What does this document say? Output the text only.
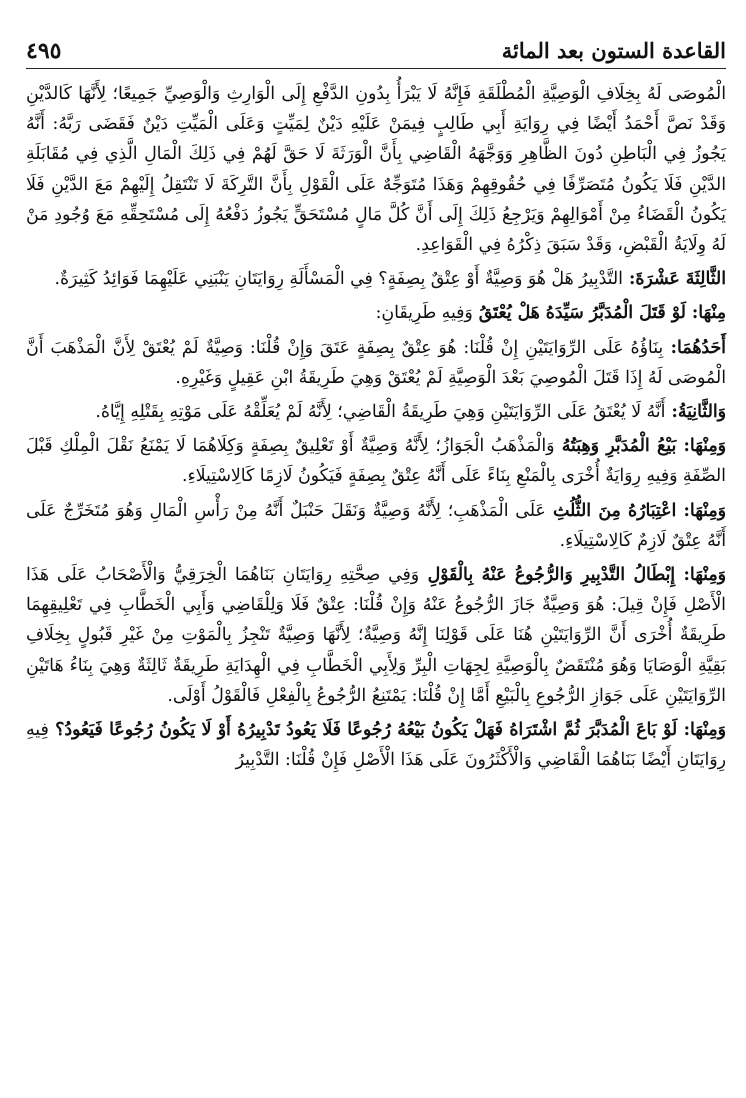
القاعدة الستون بعد المائة
٤٩٥

الْمُوصَى لَهُ بِخِلَافِ الْوَصِيَّةِ الْمُطْلَقَةِ فَإِنَّهُ لَا يَبْرَأُ بِدُونِ الدَّفْعِ إِلَى الْوَارِثِ وَالْوَصِيِّ جَمِيعًا؛ لِأَنَّهَا كَالدَّيْنِ وَقَدْ نَصَّ أَحْمَدُ أَيْضًا فِي رِوَايَةِ أَبِي طَالِبٍ فِيمَنْ عَلَيْهِ دَيْنٌ لِمَيِّتٍ وَعَلَى الْمَيِّتِ دَيْنٌ فَقَضَى رَبَّهُ: أَنَّهُ يَجُوزُ فِي الْبَاطِنِ دُونَ الظَّاهِرِ وَوَجَّهَهُ الْقَاضِي بِأَنَّ الْوَرَثَةَ لَا حَقَّ لَهُمْ فِي ذَلِكَ الْمَالِ الَّذِي فِي مُقَابَلَةِ الدَّيْنِ فَلَا يَكُونُ مُتَصَرِّفًا فِي حُقُوقِهِمْ وَهَذَا مُتَوَجِّهٌ عَلَى الْقَوْلِ بِأَنَّ التَّرِكَةَ لَا تَنْتَقِلُ إِلَيْهِمْ مَعَ الدَّيْنِ فَلَا يَكُونُ الْقَضَاءُ مِنْ أَمْوَالِهِمْ وَيَرْجِعُ ذَلِكَ إِلَى أَنَّ كُلَّ مَالٍ مُسْتَحَقٍّ يَجُوزُ دَفْعُهُ إِلَى مُسْتَحِقِّهِ مَعَ وُجُودِ مَنْ لَهُ وِلَايَةُ الْقَبْضِ، وَقَدْ سَبَقَ ذِكْرُهُ فِي الْقَوَاعِدِ.

الثَّالِثَةَ عَشْرَةَ: التَّدْبِيرُ هَلْ هُوَ وَصِيَّةٌ أَوْ عِتْقٌ بِصِفَةٍ؟ فِي الْمَسْأَلَةِ رِوَايَتَانِ يَنْبَنِي عَلَيْهِمَا فَوَائِدُ كَثِيرَةٌ.

مِنْهَا: لَوْ قَتَلَ الْمُدَبَّرُ سَيِّدَهُ هَلْ يُعْتَقُ وَفِيهِ طَرِيقَانِ:

أَحَدُهُمَا: بِنَاؤُهُ عَلَى الرِّوَايَتَيْنِ إِنْ قُلْنَا: هُوَ عِتْقٌ بِصِفَةٍ عَتَقَ وَإِنْ قُلْنَا: وَصِيَّةٌ لَمْ يُعْتَقْ لِأَنَّ الْمَذْهَبَ أَنَّ الْمُوصَى لَهُ إِذَا قَتَلَ الْمُوصِيَ بَعْدَ الْوَصِيَّةِ لَمْ يُعْتَقْ وَهِيَ طَرِيقَةُ ابْنِ عَقِيلٍ وَغَيْرِهِ.

وَالثَّانِيَةُ: أَنَّهُ لَا يُعْتَقُ عَلَى الرِّوَايَتَيْنِ وَهِيَ طَرِيقَةُ الْقَاضِي؛ لِأَنَّهُ لَمْ يُعَلِّقْهُ عَلَى مَوْتِهِ بِقَتْلِهِ إِيَّاهُ.

وَمِنْهَا: بَيْعُ الْمُدَبَّرِ وَهِبَتُهُ وَالْمَذْهَبُ الْجَوَازُ؛ لِأَنَّهُ وَصِيَّةٌ أَوْ تَعْلِيقٌ بِصِفَةٍ وَكِلَاهُمَا لَا يَمْنَعُ نَقْلَ الْمِلْكِ قَبْلَ الصِّفَةِ وَفِيهِ رِوَايَةٌ أُخْرَى بِالْمَنْعِ بِنَاءً عَلَى أَنَّهُ عِتْقٌ بِصِفَةٍ فَيَكُونُ لَازِمًا كَالِاسْتِيلَاءِ.

وَمِنْهَا: اعْتِبَارُهُ مِنَ الثُّلُثِ عَلَى الْمَذْهَبِ؛ لِأَنَّهُ وَصِيَّةٌ وَنَقَلَ حَنْبَلٌ أَنَّهُ مِنْ رَأْسِ الْمَالِ وَهُوَ مُتَخَرِّجٌ عَلَى أَنَّهُ عِتْقٌ لَازِمٌ كَالِاسْتِيلَاءِ.

وَمِنْهَا: إِبْطَالُ التَّدْبِيرِ وَالرُّجُوعُ عَنْهُ بِالْقَوْلِ وَفِي صِحَّتِهِ رِوَايَتَانِ بَنَاهُمَا الْخِرَقِيُّ وَالْأَصْحَابُ عَلَى هَذَا الْأَصْلِ فَإِنْ قِيلَ: هُوَ وَصِيَّةٌ جَازَ الرُّجُوعُ عَنْهُ وَإِنْ قُلْنَا: عِتْقٌ فَلَا وَلِلْقَاضِي وَأَبِي الْخَطَّابِ فِي تَعْلِيقِهِمَا طَرِيقَةٌ أُخْرَى أَنَّ الرِّوَايَتَيْنِ هُنَا عَلَى قَوْلِنَا إِنَّهُ وَصِيَّةٌ؛ لِأَنَّهَا وَصِيَّةٌ تَنْجِزُ بِالْمَوْتِ مِنْ غَيْرِ قَبُولٍ بِخِلَافِ بَقِيَّةِ الْوَصَايَا وَهُوَ مُنْتَقَضٌ بِالْوَصِيَّةِ لِجِهَاتِ الْبِرِّ وَلِأَبِي الْخَطَّابِ فِي الْهِدَايَةِ طَرِيقَةٌ ثَالِثَةٌ وَهِيَ بِنَاءُ هَاتَيْنِ الرِّوَايَتَيْنِ عَلَى جَوَازِ الرُّجُوعِ بِالْبَيْعِ أَمَّا إِنْ قُلْنَا: يَمْتَنِعُ الرُّجُوعُ بِالْفِعْلِ فَالْقَوْلُ أَوْلَى.

وَمِنْهَا: لَوْ بَاعَ الْمُدَبَّرَ ثُمَّ اشْتَرَاهُ فَهَلْ يَكُونُ بَيْعُهُ رُجُوعًا فَلَا يَعُودُ تَدْبِيرُهُ أَوْ لَا يَكُونُ رُجُوعًا فَيَعُودُ؟ فِيهِ رِوَايَتَانِ أَيْضًا بَنَاهُمَا الْقَاضِي وَالْأَكْثَرُونَ عَلَى هَذَا الْأَصْلِ فَإِنْ قُلْنَا: التَّدْبِيرُ
